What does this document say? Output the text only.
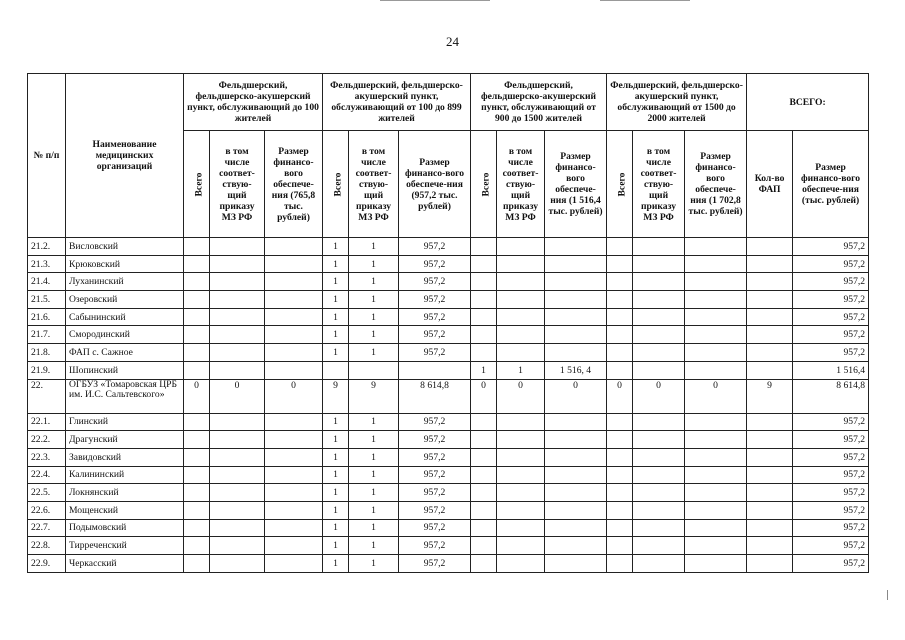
24
№ п/п	Наименование медицинских организаций	Фельдшерский, фельдшерско-акушерский пункт, обслуживающий до 100 жителей			Фельдшерский, фельдшерско-акушерский пункт, обслуживающий от 100 до 899 жителей			Фельдшерский, фельдшерско-акушерский пункт, обслуживающий от 900 до 1500 жителей			Фельдшерский, фельдшерско-акушерский пункт, обслуживающий от 1500 до 2000 жителей			ВСЕГО:	
		Всего	в том числе соответ-ствую-щий приказу МЗ РФ	Размер финансо-вого обеспече-ния (765,8 тыс. рублей)	Всего	в том числе соответ-ствую-щий приказу МЗ РФ	Размер финансо-вого обеспече-ния (957,2 тыс. рублей)	Всего	в том числе соответ-ствую-щий приказу МЗ РФ	Размер финансо-вого обеспече-ния (1 516,4 тыс. рублей)	Всего	в том числе соответ-ствую-щий приказу МЗ РФ	Размер финансо-вого обеспече-ния (1 702,8 тыс. рублей)	Кол-во ФАП	Размер финансо-вого обеспече-ния (тыс. рублей)
21.2.	Висловский				1	1	957,2								957,2
21.3.	Крюковский				1	1	957,2								957,2
21.4.	Луханинский				1	1	957,2								957,2
21.5.	Озеровский				1	1	957,2								957,2
21.6.	Сабынинский				1	1	957,2								957,2
21.7.	Смородинский				1	1	957,2								957,2
21.8.	ФАП с. Сажное				1	1	957,2								957,2
21.9.	Шопинский							1	1	1 516, 4					1 516,4
22.	ОГБУЗ «Томаровская ЦРБ им. И.С. Сальтевского»	0	0	0	9	9	8 614,8	0	0	0	0	0	0	9	8 614,8
22.1.	Глинский				1	1	957,2								957,2
22.2.	Драгунский				1	1	957,2								957,2
22.3.	Завидовский				1	1	957,2								957,2
22.4.	Калининский				1	1	957,2								957,2
22.5.	Локнянский				1	1	957,2								957,2
22.6.	Мощенский				1	1	957,2								957,2
22.7.	Подымовский				1	1	957,2								957,2
22.8.	Тирреченский				1	1	957,2								957,2
22.9.	Черкасский				1	1	957,2								957,2
